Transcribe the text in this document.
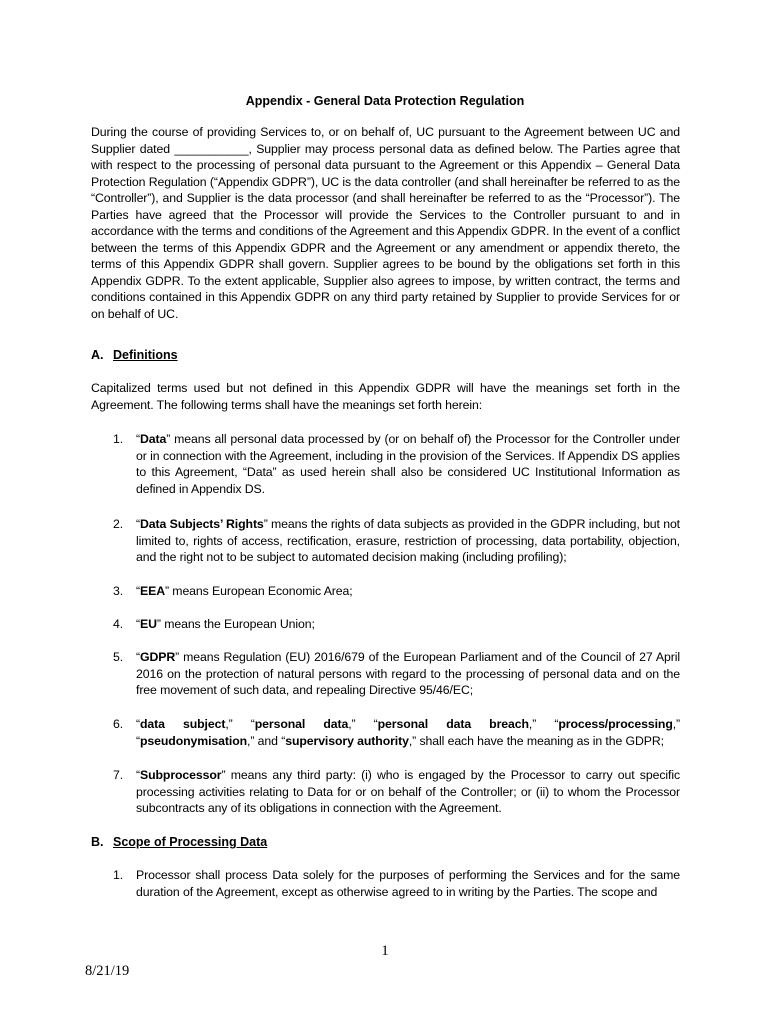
Appendix - General Data Protection Regulation
During the course of providing Services to, or on behalf of, UC pursuant to the Agreement between UC and Supplier dated ___________, Supplier may process personal data as defined below. The Parties agree that with respect to the processing of personal data pursuant to the Agreement or this Appendix – General Data Protection Regulation (“Appendix GDPR”), UC is the data controller (and shall hereinafter be referred to as the “Controller”), and Supplier is the data processor (and shall hereinafter be referred to as the “Processor”). The Parties have agreed that the Processor will provide the Services to the Controller pursuant to and in accordance with the terms and conditions of the Agreement and this Appendix GDPR. In the event of a conflict between the terms of this Appendix GDPR and the Agreement or any amendment or appendix thereto, the terms of this Appendix GDPR shall govern. Supplier agrees to be bound by the obligations set forth in this Appendix GDPR. To the extent applicable, Supplier also agrees to impose, by written contract, the terms and conditions contained in this Appendix GDPR on any third party retained by Supplier to provide Services for or on behalf of UC.
A. Definitions
Capitalized terms used but not defined in this Appendix GDPR will have the meanings set forth in the Agreement. The following terms shall have the meanings set forth herein:
1. “Data” means all personal data processed by (or on behalf of) the Processor for the Controller under or in connection with the Agreement, including in the provision of the Services. If Appendix DS applies to this Agreement, “Data” as used herein shall also be considered UC Institutional Information as defined in Appendix DS.
2. “Data Subjects’ Rights” means the rights of data subjects as provided in the GDPR including, but not limited to, rights of access, rectification, erasure, restriction of processing, data portability, objection, and the right not to be subject to automated decision making (including profiling);
3. “EEA” means European Economic Area;
4. “EU” means the European Union;
5. “GDPR” means Regulation (EU) 2016/679 of the European Parliament and of the Council of 27 April 2016 on the protection of natural persons with regard to the processing of personal data and on the free movement of such data, and repealing Directive 95/46/EC;
6. “data subject,” “personal data,” “personal data breach,” “process/processing,” “pseudonymisation,” and “supervisory authority,” shall each have the meaning as in the GDPR;
7. “Subprocessor” means any third party: (i) who is engaged by the Processor to carry out specific processing activities relating to Data for or on behalf of the Controller; or (ii) to whom the Processor subcontracts any of its obligations in connection with the Agreement.
B. Scope of Processing Data
1. Processor shall process Data solely for the purposes of performing the Services and for the same duration of the Agreement, except as otherwise agreed to in writing by the Parties. The scope and
1
8/21/19
